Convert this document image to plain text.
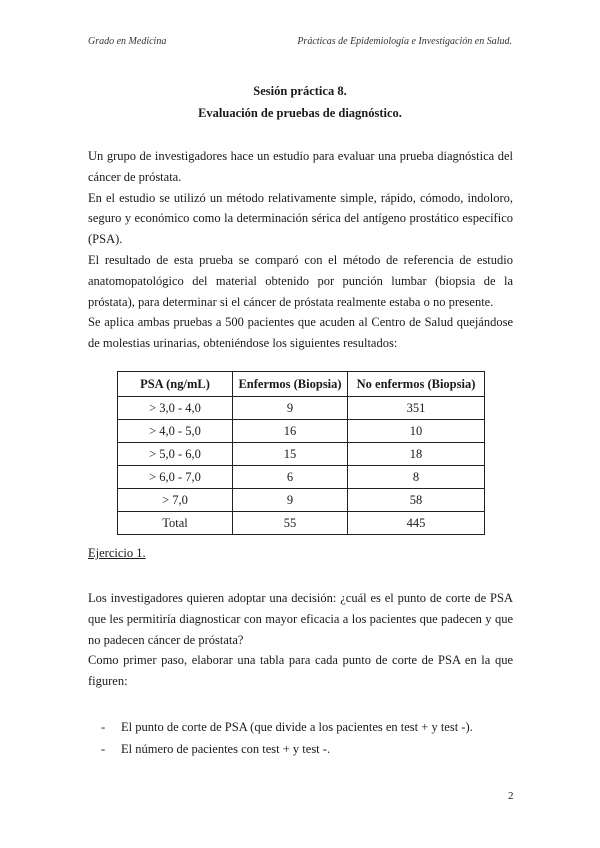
Grado en Medicina	Prácticas de Epidemiología e Investigación en Salud.
Sesión práctica 8.
Evaluación de pruebas de diagnóstico.

Un grupo de investigadores hace un estudio para evaluar una prueba diagnóstica del cáncer de próstata.

En el estudio se utilizó un método relativamente simple, rápido, cómodo, indoloro, seguro y económico como la determinación sérica del antígeno prostático específico (PSA).

El resultado de esta prueba se comparó con el método de referencia de estudio anatomopatológico del material obtenido por punción lumbar (biopsia de la próstata), para determinar si el cáncer de próstata realmente estaba o no presente.

Se aplica ambas pruebas a 500 pacientes que acuden al Centro de Salud quejándose de molestias urinarias, obteniéndose los siguientes resultados:

PSA (ng/mL)	Enfermos (Biopsia)	No enfermos (Biopsia)
> 3,0 - 4,0	9	351
> 4,0 - 5,0	16	10
> 5,0 - 6,0	15	18
> 6,0 - 7,0	6	8
> 7,0	9	58
Total	55	445
Ejercicio 1.

Los investigadores quieren adoptar una decisión: ¿cuál es el punto de corte de PSA que les permitiría diagnosticar con mayor eficacia a los pacientes que padecen y que no padecen cáncer de próstata?

Como primer paso, elaborar una tabla para cada punto de corte de PSA en la que figuren:

-	El punto de corte de PSA (que divide a los pacientes en test + y test -).
-	El número de pacientes con test + y test -.
2
